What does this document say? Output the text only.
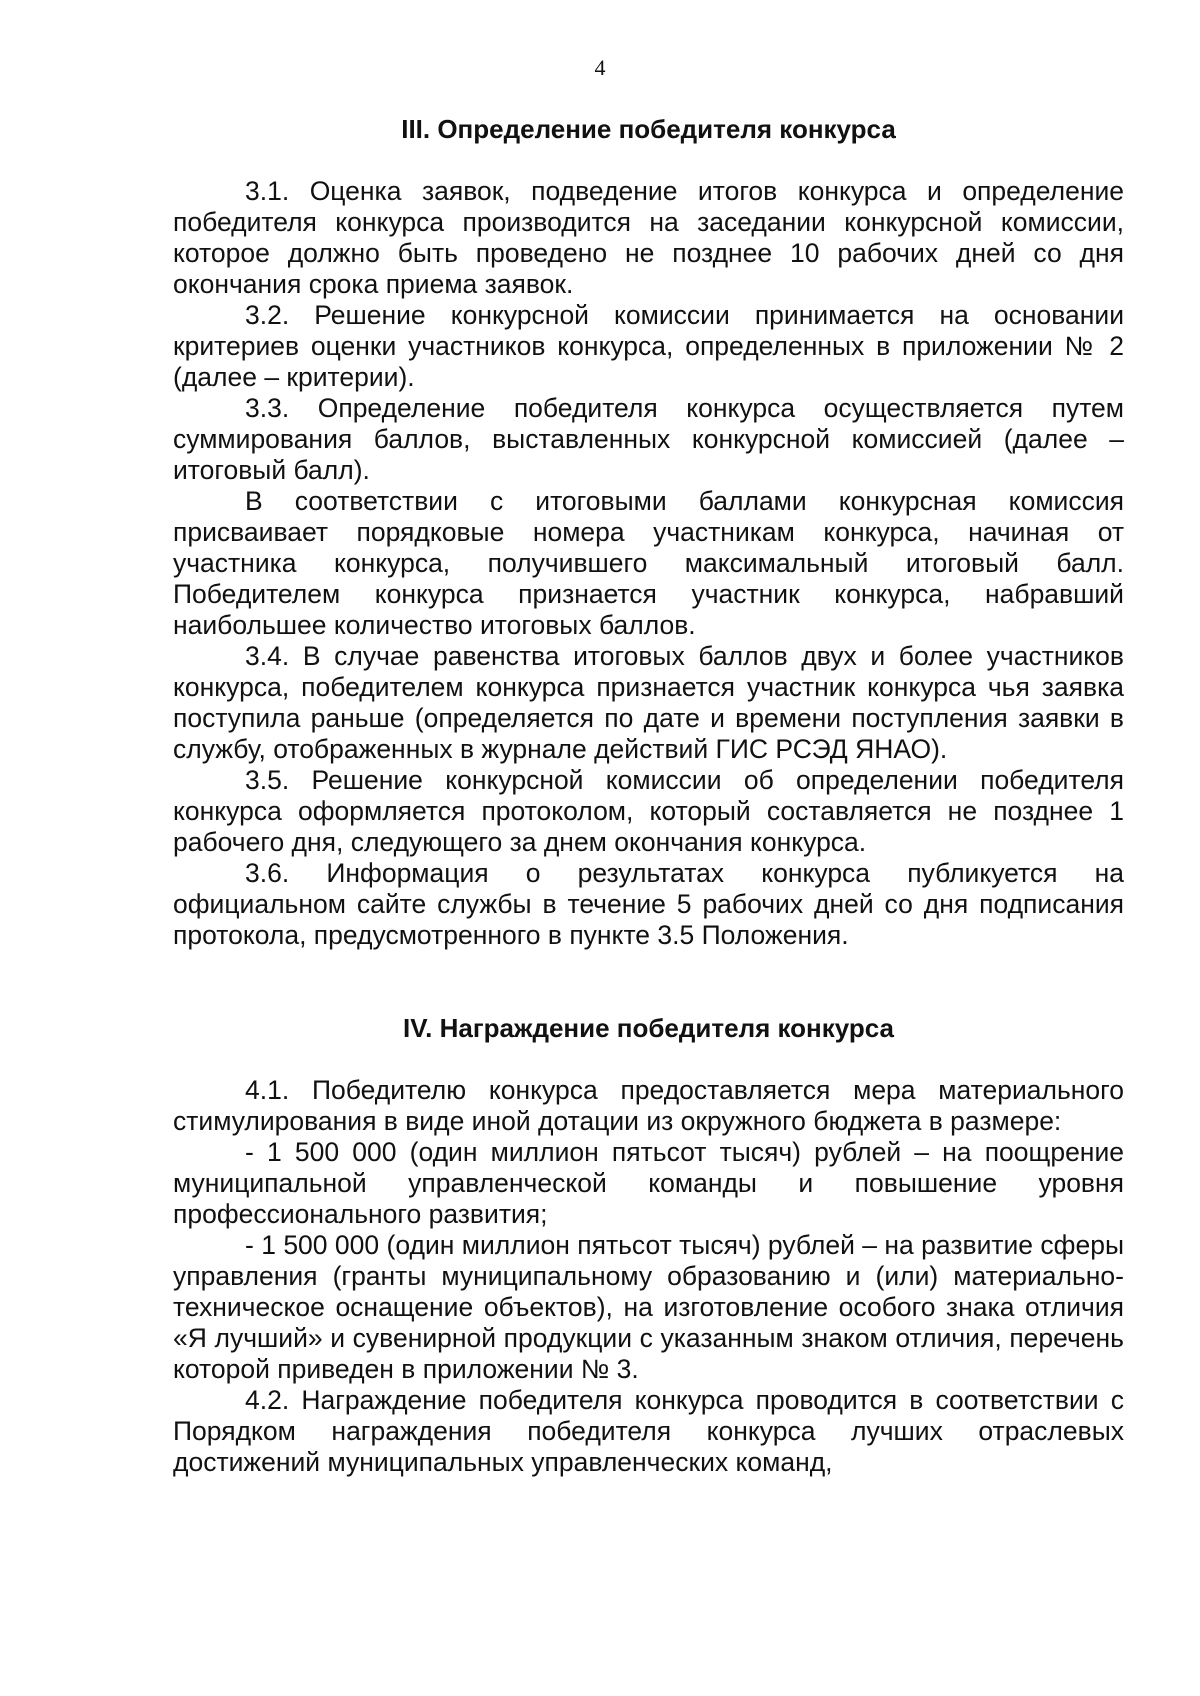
4
III. Определение победителя конкурса

3.1. Оценка заявок, подведение итогов конкурса и определение победителя конкурса производится на заседании конкурсной комиссии, которое должно быть проведено не позднее 10 рабочих дней со дня окончания срока приема заявок.

3.2. Решение конкурсной комиссии принимается на основании критериев оценки участников конкурса, определенных в приложении № 2 (далее – критерии).

3.3. Определение победителя конкурса осуществляется путем суммирования баллов, выставленных конкурсной комиссией (далее – итоговый балл).

В соответствии с итоговыми баллами конкурсная комиссия присваивает порядковые номера участникам конкурса, начиная от участника конкурса, получившего максимальный итоговый балл. Победителем конкурса признается участник конкурса, набравший наибольшее количество итоговых баллов.

3.4. В случае равенства итоговых баллов двух и более участников конкурса, победителем конкурса признается участник конкурса чья заявка поступила раньше (определяется по дате и времени поступления заявки в службу, отображенных в журнале действий ГИС РСЭД ЯНАО).

3.5. Решение конкурсной комиссии об определении победителя конкурса оформляется протоколом, который составляется не позднее 1 рабочего дня, следующего за днем окончания конкурса.

3.6. Информация о результатах конкурса публикуется на официальном сайте службы в течение 5 рабочих дней со дня подписания протокола, предусмотренного в пункте 3.5 Положения.

IV. Награждение победителя конкурса

4.1. Победителю конкурса предоставляется мера материального стимулирования в виде иной дотации из окружного бюджета в размере:

- 1 500 000 (один миллион пятьсот тысяч) рублей – на поощрение муниципальной управленческой команды и повышение уровня профессионального развития;

- 1 500 000 (один миллион пятьсот тысяч) рублей – на развитие сферы управления (гранты муниципальному образованию и (или) материально-техническое оснащение объектов), на изготовление особого знака отличия «Я лучший» и сувенирной продукции с указанным знаком отличия, перечень которой приведен в приложении № 3.

4.2. Награждение победителя конкурса проводится в соответствии с Порядком награждения победителя конкурса лучших отраслевых достижений муниципальных управленческих команд,
